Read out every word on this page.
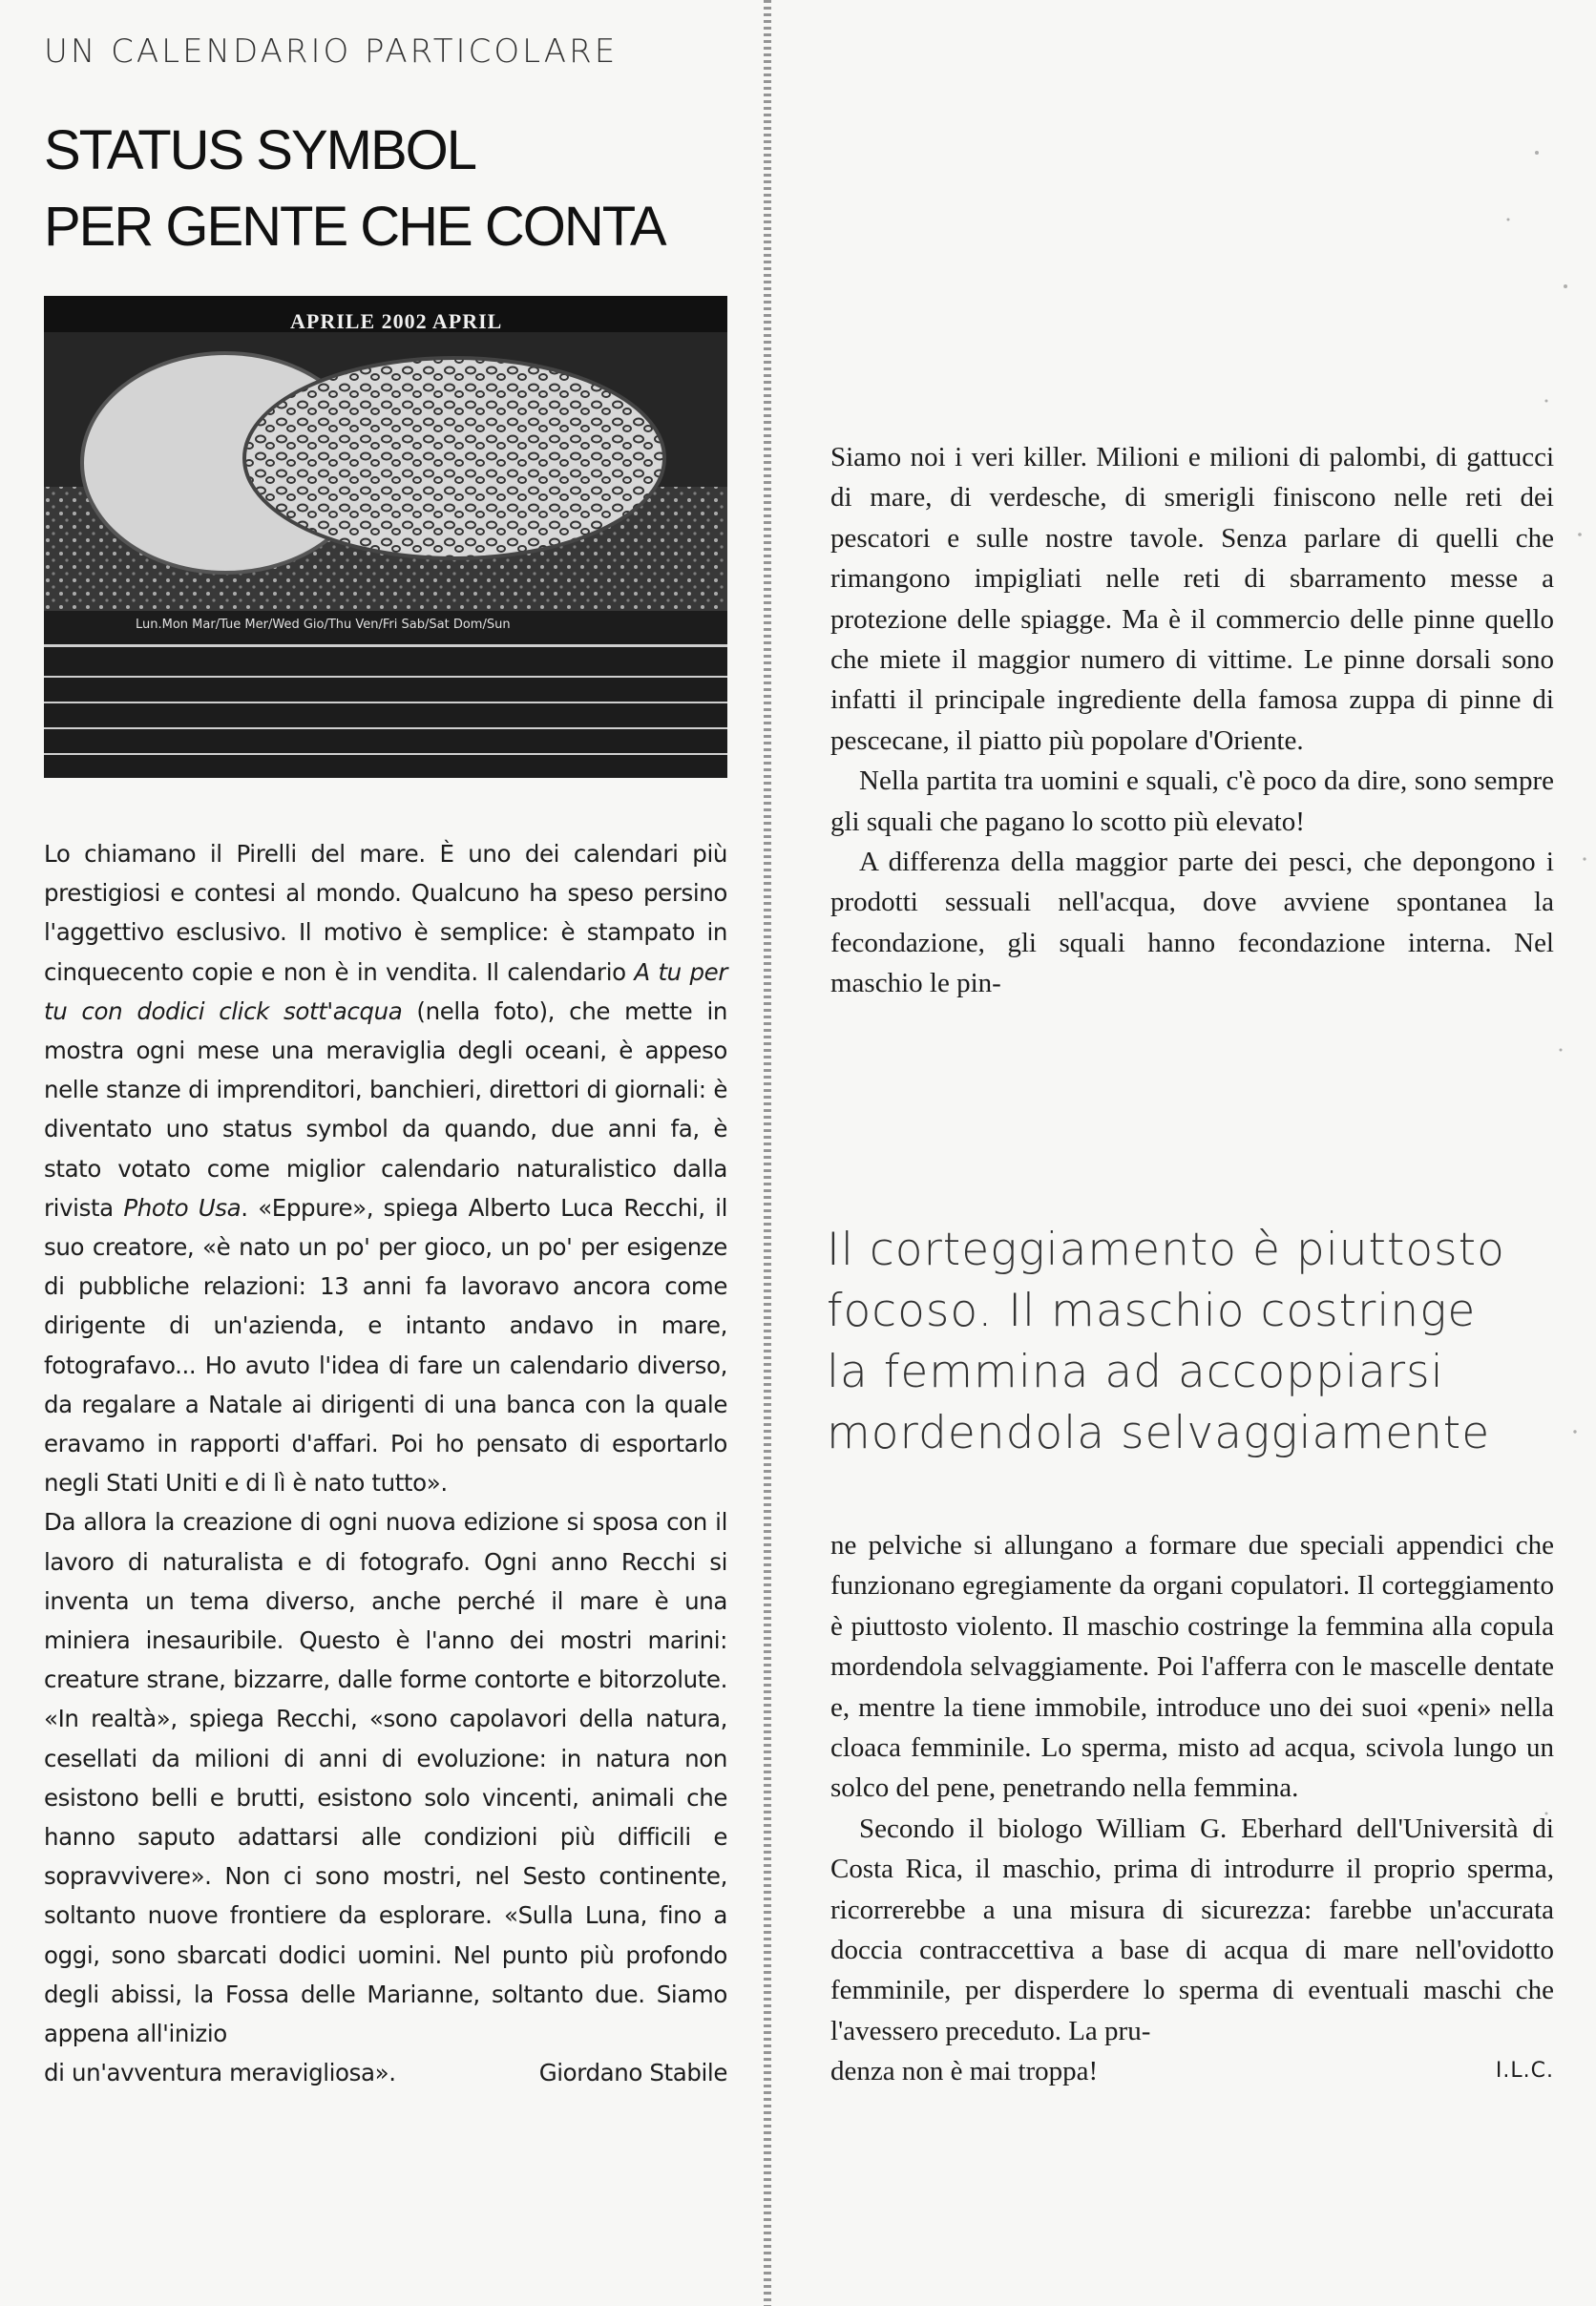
UN CALENDARIO PARTICOLARE
STATUS SYMBOL
PER GENTE CHE CONTA
APRILE 2002 APRIL
Lun.Mon Mar/Tue Mer/Wed Gio/Thu Ven/Fri Sab/Sat Dom/Sun

Lo chiamano il Pirelli del mare. È uno dei calendari più prestigiosi e contesi al mondo. Qualcuno ha speso persino l'aggettivo esclusivo. Il motivo è semplice: è stampato in cinquecento copie e non è in vendita. Il calendario A tu per tu con dodici click sott'acqua (nella foto), che mette in mostra ogni mese una meraviglia degli oceani, è appeso nelle stanze di imprenditori, banchieri, direttori di giornali: è diventato uno status symbol da quando, due anni fa, è stato votato come miglior calendario naturalistico dalla rivista Photo Usa. «Eppure», spiega Alberto Luca Recchi, il suo creatore, «è nato un po' per gioco, un po' per esigenze di pubbliche relazioni: 13 anni fa lavoravo ancora come dirigente di un'azienda, e intanto andavo in mare, fotografavo... Ho avuto l'idea di fare un calendario diverso, da regalare a Natale ai dirigenti di una banca con la quale eravamo in rapporti d'affari. Poi ho pensato di esportarlo negli Stati Uniti e di lì è nato tutto».

Da allora la creazione di ogni nuova edizione si sposa con il lavoro di naturalista e di fotografo. Ogni anno Recchi si inventa un tema diverso, anche perché il mare è una miniera inesauribile. Questo è l'anno dei mostri marini: creature strane, bizzarre, dalle forme contorte e bitorzolute. «In realtà», spiega Recchi, «sono capolavori della natura, cesellati da milioni di anni di evoluzione: in natura non esistono belli e brutti, esistono solo vincenti, animali che hanno saputo adattarsi alle condizioni più difficili e sopravvivere». Non ci sono mostri, nel Sesto continente, soltanto nuove frontiere da esplorare. «Sulla Luna, fino a oggi, sono sbarcati dodici uomini. Nel punto più profondo degli abissi, la Fossa delle Marianne, soltanto due. Siamo appena all'inizio

di un'avventura meravigliosa».	Giordano Stabile

Siamo noi i veri killer. Milioni e milioni di palombi, di gattucci di mare, di verdesche, di smerigli finiscono nelle reti dei pescatori e sulle nostre tavole. Senza parlare di quelli che rimangono impigliati nelle reti di sbarramento messe a protezione delle spiagge. Ma è il commercio delle pinne quello che miete il maggior numero di vittime. Le pinne dorsali sono infatti il principale ingrediente della famosa zuppa di pinne di pescecane, il piatto più popolare d'Oriente.

Nella partita tra uomini e squali, c'è poco da dire, sono sempre gli squali che pagano lo scotto più elevato!

A differenza della maggior parte dei pesci, che depongono i prodotti sessuali nell'acqua, dove avviene spontanea la fecondazione, gli squali hanno fecondazione interna. Nel maschio le pin-

Il corteggiamento è piuttosto
focoso. Il maschio costringe
la femmina ad accoppiarsi
mordendola selvaggiamente

ne pelviche si allungano a formare due speciali appendici che funzionano egregiamente da organi copulatori. Il corteggiamento è piuttosto violento. Il maschio costringe la femmina alla copula mordendola selvaggiamente. Poi l'afferra con le mascelle dentate e, mentre la tiene immobile, introduce uno dei suoi «peni» nella cloaca femminile. Lo sperma, misto ad acqua, scivola lungo un solco del pene, penetrando nella femmina.

Secondo il biologo William G. Eberhard dell'Università di Costa Rica, il maschio, prima di introdurre il proprio sperma, ricorrerebbe a una misura di sicurezza: farebbe un'accurata doccia contraccettiva a base di acqua di mare nell'ovidotto femminile, per disperdere lo sperma di eventuali maschi che l'avessero preceduto. La pru-

denza non è mai troppa!	I.L.C.
